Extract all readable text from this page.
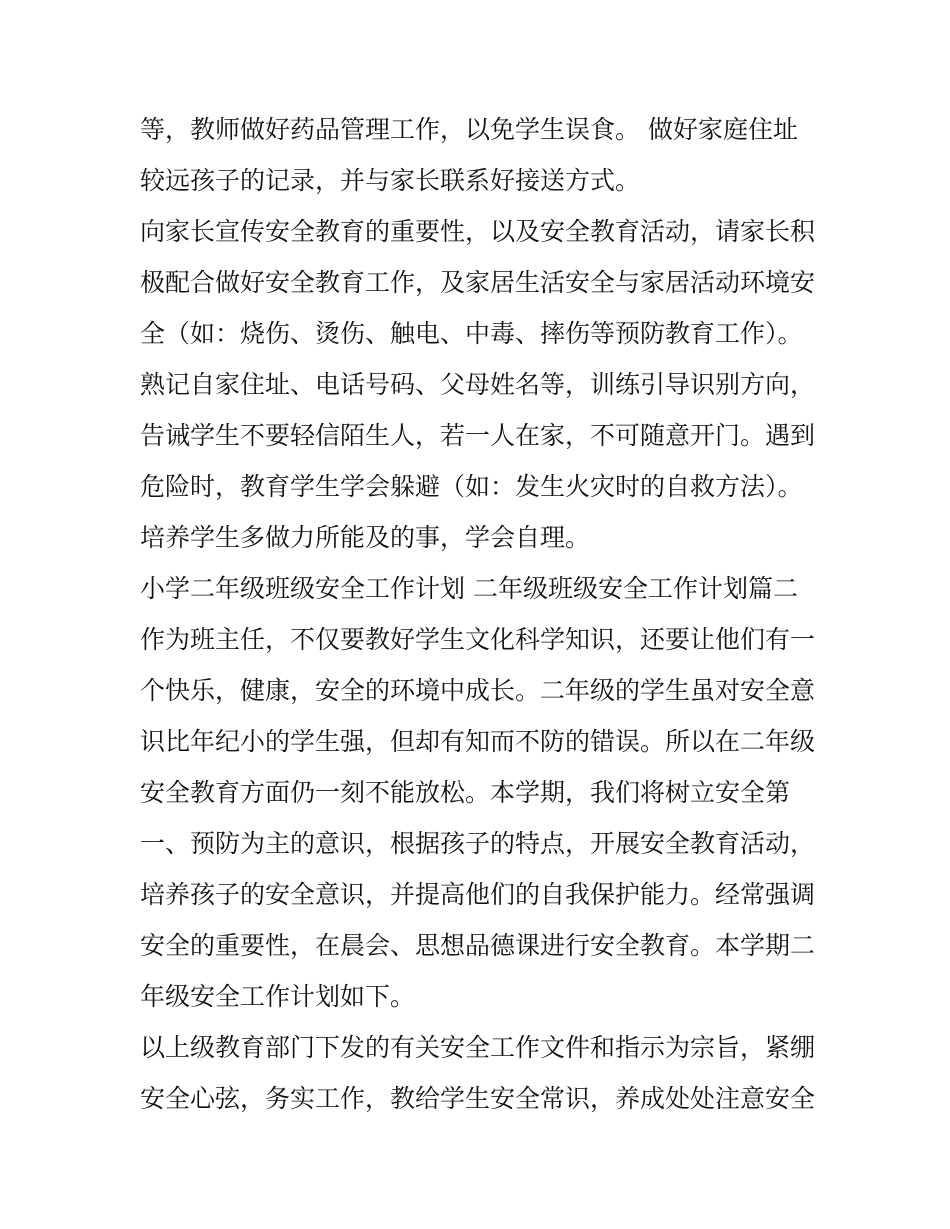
等，教师做好药品管理工作，以免学生误食。 做好家庭住址
较远孩子的记录，并与家长联系好接送方式。
向家长宣传安全教育的重要性，以及安全教育活动，请家长积
极配合做好安全教育工作，及家居生活安全与家居活动环境安
全（如：烧伤、烫伤、触电、中毒、摔伤等预防教育工作）。
熟记自家住址、电话号码、父母姓名等，训练引导识别方向，
告诫学生不要轻信陌生人，若一人在家，不可随意开门。遇到
危险时，教育学生学会躲避（如：发生火灾时的自救方法）。
培养学生多做力所能及的事，学会自理。
小学二年级班级安全工作计划 二年级班级安全工作计划篇二
作为班主任，不仅要教好学生文化科学知识，还要让他们有一
个快乐，健康，安全的环境中成长。二年级的学生虽对安全意
识比年纪小的学生强，但却有知而不防的错误。所以在二年级
安全教育方面仍一刻不能放松。本学期，我们将树立安全第
一、预防为主的意识，根据孩子的特点，开展安全教育活动，
培养孩子的安全意识，并提高他们的自我保护能力。经常强调
安全的重要性，在晨会、思想品德课进行安全教育。本学期二
年级安全工作计划如下。
以上级教育部门下发的有关安全工作文件和指示为宗旨，紧绷
安全心弦，务实工作，教给学生安全常识，养成处处注意安全
